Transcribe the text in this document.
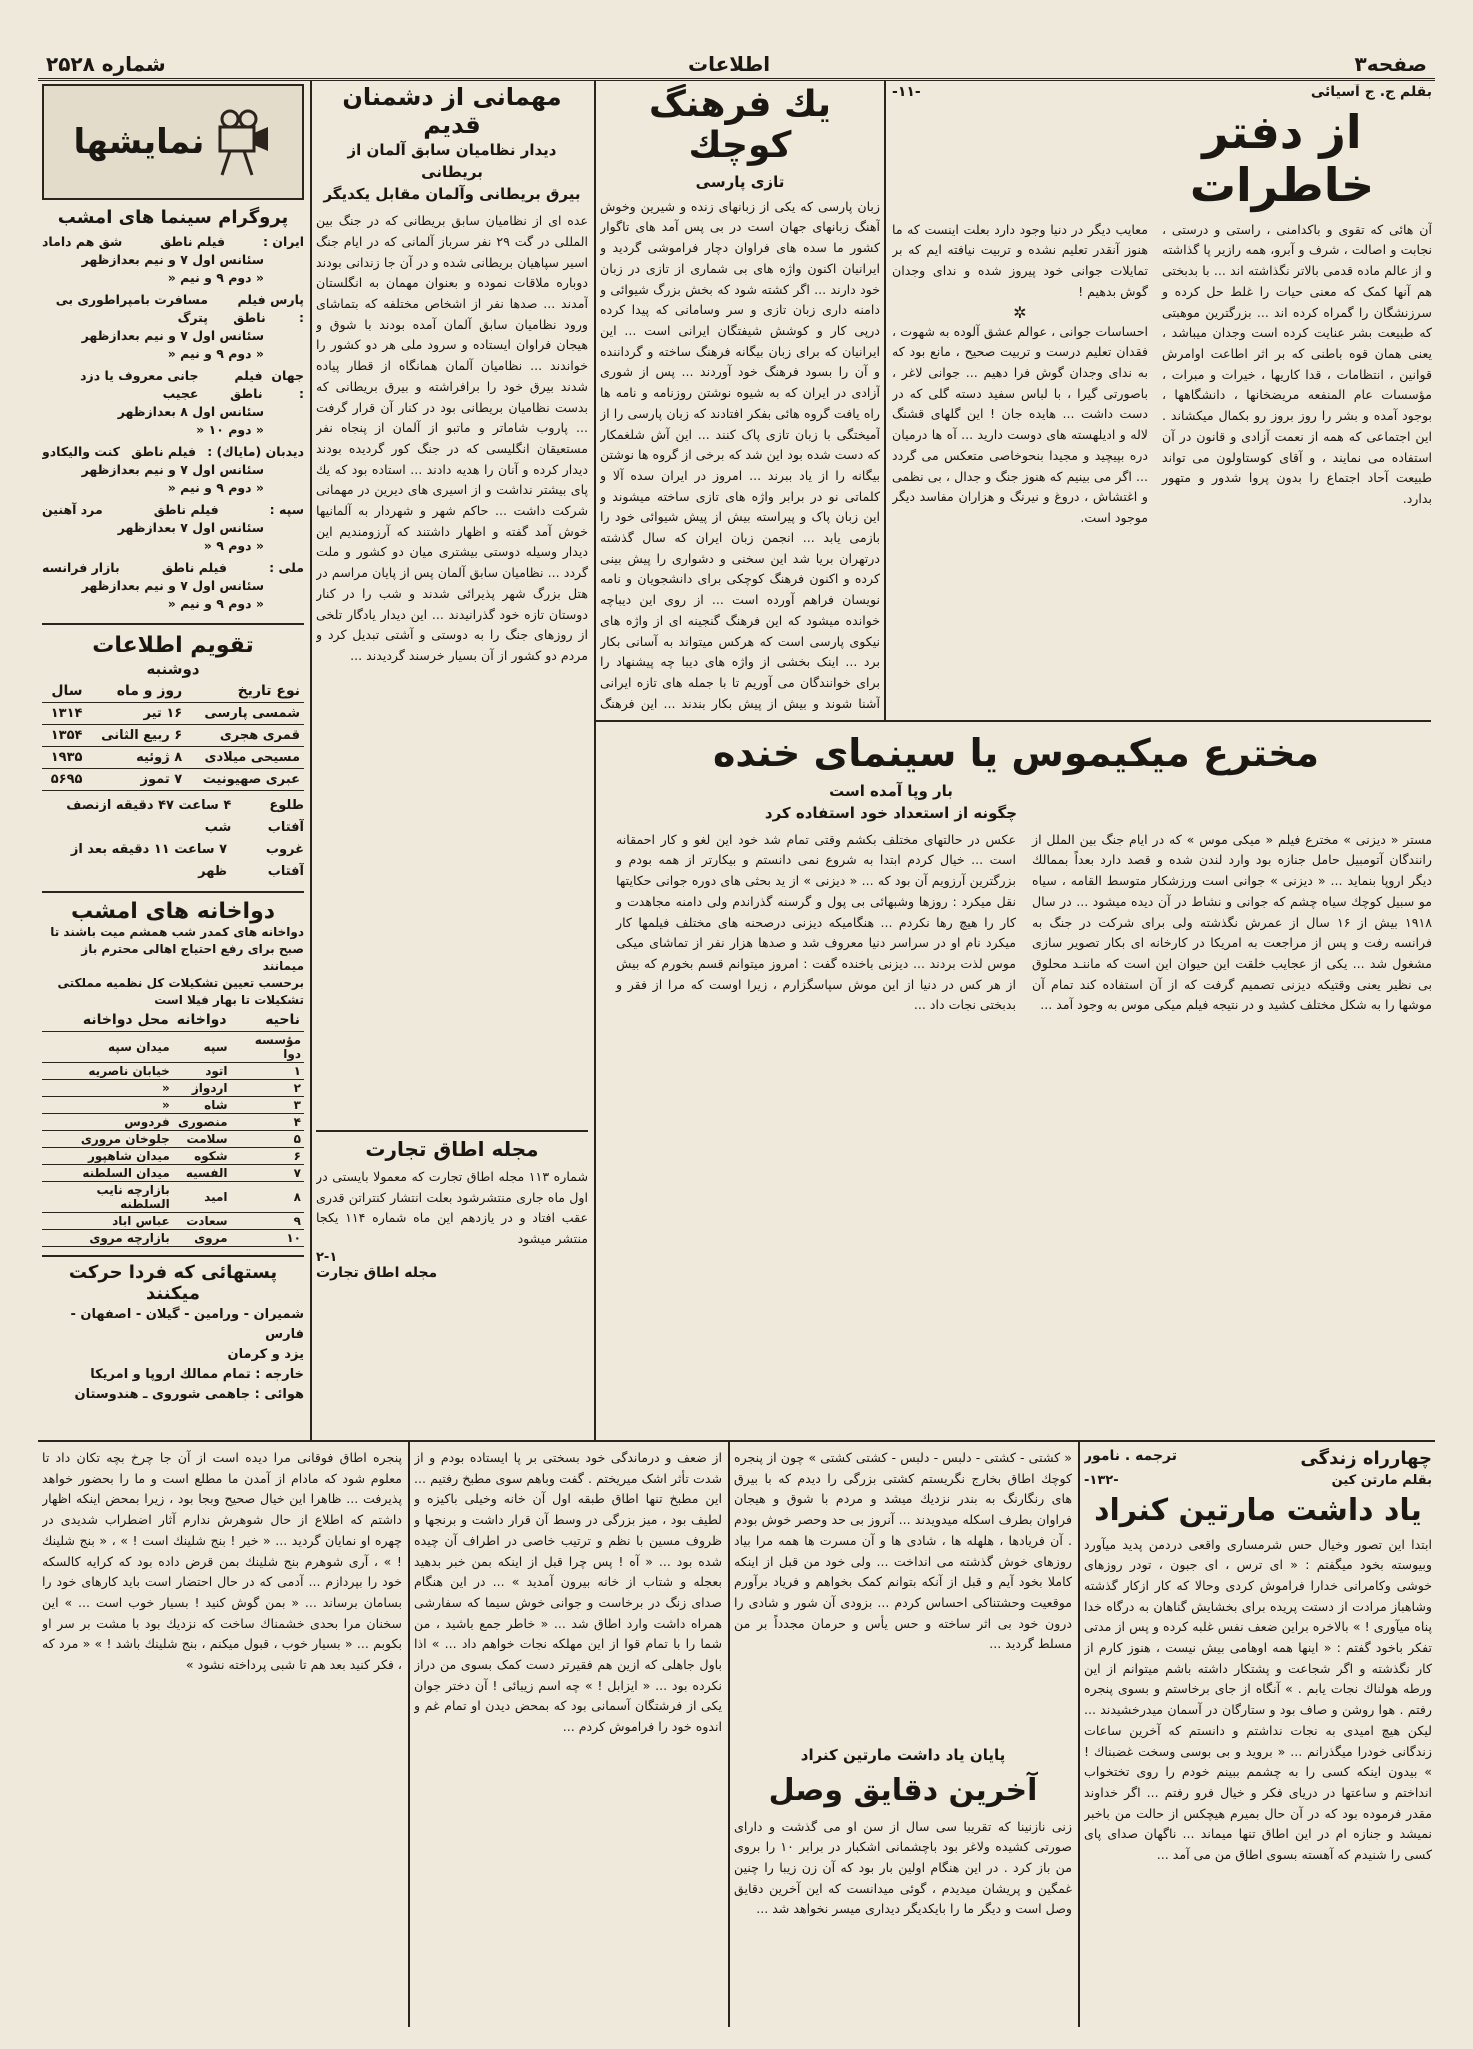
صفحه۳
اطلاعات
شماره ۲۵۲۸
بقلم ج. ج آسیائی
-۱۱-
از دفتر خاطرات
آن هائی که تقوی و باکدامنی ، راستی و درستی ، نجابت و اصالت ، شرف و آبرو، همه رازیر پا گذاشته و از عالم ماده قدمی بالاتر نگذاشته اند ... با بدبختی هم آنها کمک که معنی حیات را غلط حل کرده و سرزنشگان را گمراه کرده اند ... بزرگترین موهبتی که طبیعت بشر عنایت کرده است وجدان میباشد ، یعنی همان قوه باطنی که بر اثر اطاعت اوامرش قوانین ، انتظامات ، قدا کاریها ، خیرات و مبرات ، مؤسسات عام المنفعه مریضخانها ، دانشگاهها ، بوجود آمده و بشر را روز بروز رو بکمال میکشاند . این اجتماعی که همه از نعمت آزادی و قانون در آن استفاده می نمایند ، و آقای کوستاولون می تواند طبیعت آحاد اجتماع را بدون پروا شدور و متهور بدارد.
معایب دیگر در دنیا وجود دارد بعلت اینست که ما هنوز آنقدر تعلیم نشده و تربیت نیافته ایم که بر تمایلات جوانی خود پیروز شده و ندای وجدان گوش بدهیم !
✲
احساسات جوانی ، عوالم عشق آلوده به شهوت ، فقدان تعلیم درست و تربیت صحیح ، مانع بود که به ندای وجدان گوش فرا دهیم ... جوانی لاغر ، باصورتی گیرا ، با لباس سفید دسته گلی که در دست داشت ... هایده جان ! این گلهای قشنگ لاله و ادیلهسته های دوست دارید ... آه ها درمیان دره بپیچید و مجیدا بنحوخاصی متعکس می گردد ... اگر می بینیم که هنوز جنگ و جدال ، بی نظمی و اغتشاش ، دروغ و نیرنگ و هزاران مفاسد دیگر موجود است.
یك فرهنگ کوچك
تازی پارسی
زبان پارسی که یکی از زبانهای زنده و شیرین وخوش آهنگ زبانهای جهان است در بی پس آمد های تاگوار کشور ما سده های فراوان دچار فراموشی گردید و ایرانیان اکنون واژه های بی شماری از تازی در زبان خود دارند ... اگر کشته شود که بخش بزرگ شیوائی و دامنه داری زبان تازی و سر وسامانی که پیدا کرده درپی کار و کوشش شیفتگان ایرانی است ... این ایرانیان که برای زبان بیگانه فرهنگ ساخته و گرداننده و آن را بسود فرهنگ خود آوردند ... پس از شوری آزادی در ایران که به شیوه نوشتن روزنامه و نامه ها راه یافت گروه هائی بفکر افتادند که زبان پارسی را از آمیختگی با زبان تازی پاک کنند ... این آش شلغمکار که دست شده بود این شد که برخی از گروه ها نوشتن بیگانه را از یاد ببرند ... امروز در ایران سده آلا و کلماتی نو در برابر واژه های تازی ساخته میشوند و این زبان پاک و پیراسته بیش از پیش شیوائی خود را بازمی یابد ... انجمن زبان ایران که سال گذشته درتهران بریا شد این سخنی و دشواری را پیش بینی کرده و اکنون فرهنگ کوچکی برای دانشجویان و نامه نویسان فراهم آورده است ... از روی این دیباچه خوانده میشود که این فرهنگ گنجینه ای از واژه های نیکوی پارسی است که هرکس میتواند به آسانی بکار برد ... اینک بخشی از واژه های دیبا چه پیشنهاد را برای خوانندگان می آوریم تا با جمله های تازه ایرانی آشنا شوند و بیش از پیش بکار بندند ... این فرهنگ
مهمانی از دشمنان قدیم
دیدار نظامیان سابق آلمان از بریطانی
بیرق بریطانی وآلمان مقابل یکدیگر
عده ای از نظامیان سابق بریطانی که در جنگ بین المللی در گت ۲۹ نفر سرباز آلمانی که در ایام جنگ اسیر سپاهیان بریطانی شده و در آن جا زندانی بودند دوباره ملاقات نموده و بعنوان مهمان به انگلستان آمدند ... صدها نفر از اشخاص مختلفه که بتماشای ورود نظامیان سابق آلمان آمده بودند با شوق و هیجان فراوان ایستاده و سرود ملی هر دو کشور را خواندند ... نظامیان آلمان همانگاه از قطار پیاده شدند بیرق خود را برافراشته و بیرق بریطانی که بدست نظامیان بریطانی بود در کنار آن قرار گرفت ... پاروب شاماتر و ماتبو از آلمان از پنجاه نفر مستعیقان انگلیسی که در جنگ کور گردیده بودند دیدار کرده و آنان را هدیه دادند ... استاده بود که یك پای بیشتر نداشت و از اسیری های دیرین در مهمانی شرکت داشت ... حاکم شهر و شهردار به آلمانیها خوش آمد گفته و اظهار داشتند که آرزومندیم این دیدار وسیله دوستی بیشتری میان دو کشور و ملت گردد ... نظامیان سابق آلمان پس از پایان مراسم در هتل بزرگ شهر پذیرائی شدند و شب را در کنار دوستان تازه خود گذرانیدند ... این دیدار یادگار تلخی از روزهای جنگ را به دوستی و آشتی تبدیل کرد و مردم دو کشور از آن بسیار خرسند گردیدند ...
مجله اطاق تجارت
شماره ۱۱۳ مجله اطاق تجارت که معمولا بایستی در اول ماه جاری منتشرشود بعلت انتشار کنتراتن قدری عقب افتاد و در یازدهم این ماه شماره ۱۱۴ یکجا منتشر میشود
۲-۱
مجله اطاق تجارت
نمایشها
پروگرام سینما های امشب
ایران :
فیلم ناطق
شق هم داماد
سئانس اول ۷ و نیم بعدازظهر
« دوم ۹ و نیم «
پارس :
فیلم ناطق
مسافرت بامپراطوری بی پترگ
سئانس اول ۷ و نیم بعدازظهر
« دوم ۹ و نیم «
جهان :
فیلم ناطق
جانی معروف یا دزد عجیب
سئانس اول ۸ بعدازظهر
« دوم ۱۰ «
دیدبان (مایاك) :
فیلم ناطق
کنت والیکادو
سئانس اول ۷ و نیم بعدازظهر
« دوم ۹ و نیم «
سپه :
فیلم ناطق
مرد آهنین
سئانس اول ۷ بعدازظهر
« دوم ۹ «
ملی :
فیلم ناطق
بازار فرانسه
سئانس اول ۷ و نیم بعدازظهر
« دوم ۹ و نیم «
تقویم اطلاعات
دوشنبه
نوع تاریخ	روز و ماه	سال
شمسی پارسی	۱۶ تیر	۱۳۱۴
قمری هجری	۶ ربیع الثانی	۱۳۵۴
مسیحی میلادی	۸ ژوئیه	۱۹۳۵
عبری صهیونیت	۷ تموز	۵۶۹۵
طلوع آفتاب
۴ ساعت ۴۷ دقیقه ازنصف شب
غروب آفتاب
۷ ساعت ۱۱ دقیقه بعد از ظهر
دواخانه های امشب
دواخانه های کمدر شب همشم میت باشند تا صبح برای رفع احتیاج اهالی محترم باز میمانند
برحسب تعیین تشکیلات کل نظمیه مملکتی تشکیلات تا بهار فیلا است
ناحیه	دواخانه	محل دواخانه
مؤسسه دوا	سپه	میدان سپه
۱	اتود	خیابان ناصریه
۲	اردواز	«
۳	شاه	«
۴	منصوری	فردوس
۵	سلامت	جلوخان مروری
۶	شکوه	میدان شاهپور
۷	الفسیه	میدان السلطنه
۸	امید	بازارچه نایب السلطنه
۹	سعادت	عباس اباد
۱۰	مروی	بازارچه مروی
پستهائی که فردا حرکت میکنند
شمیران - ورامین - گیلان - اصفهان - فارس
یزد و کرمان
خارجه : تمام ممالك اروپا و امریکا
هوائی : جاهمی شوروی ـ هندوستان
مخترع میکیموس یا سینمای خنده
بار وپا آمده است
چگونه از استعداد خود استفاده کرد
مستر « دیزنی » مخترع فیلم « میکی موس » که در ایام جنگ بین الملل از رانندگان آتومبیل حامل جنازه بود وارد لندن شده و قصد دارد بعداً بممالك دیگر اروپا بنماید ... « دیزنی » جوانی است ورزشکار متوسط القامه ، سیاه مو سبیل کوچك سیاه چشم که جوانی و نشاط در آن دیده میشود ... در سال ۱۹۱۸ بیش از ۱۶ سال از عمرش نگذشته ولی برای شرکت در جنگ به فرانسه رفت و پس از مراجعت به امریکا در کارخانه ای بکار تصویر سازی مشغول شد ... یکی از عجایب خلقت این حیوان این است که ماننـد محلوق بی نظیر یعنی وقتیکه دیزنی تصمیم گرفت که از آن استفاده کند تمام آن موشها را به شکل مختلف کشید و در نتیجه فیلم میکی موس به وجود آمد ...
عکس در حالتهای مختلف بکشم وقتی تمام شد خود این لغو و کار احمقانه است ... خیال کردم ابتدا به شروع نمی دانستم و بیکارتر از همه بودم و بزرگترین آرزویم آن بود که ... « دیزنی » از ید بحثی های دوره جوانی حکایتها نقل میکرد : روزها وشبهائی بی پول و گرسنه گذراندم ولی دامنه مجاهدت و کار را هیچ رها نکردم ... هنگامیکه دیزنی درصحنه های مختلف فیلمها کار میکرد نام او در سراسر دنیا معروف شد و صدها هزار نفر از تماشای میکی موس لذت بردند ... دیزنی باخنده گفت : امروز میتوانم قسم بخورم که بیش از هر کس در دنیا از این موش سپاسگزارم ، زیرا اوست که مرا از فقر و بدبختی نجات داد ...
چهارراه زندگی
ترجمه . نامور
بقلم مارتن کین
-۱۳۲-
یاد داشت مارتین کنراد
ابتدا این تصور وخیال حس شرمساری واقعی دردمن پدید میآورد وبیوسته بخود میگفتم : « ای ترس ، ای جبون ، تودر روزهای خوشی وکامرانی خدارا فراموش کردی وحالا که کار ازکار گذشته وشاهباز مرادت از دستت پریده برای بخشایش گناهان به درگاه خدا پناه میآوری ! » بالاخره براین ضعف نفس غلبه کرده و پس از مدتی تفکر باخود گفتم : « اینها همه اوهامی بیش نیست ، هنوز کارم از کار نگذشته و اگر شجاعت و پشتکار داشته باشم میتوانم از این ورطه هولناك نجات یابم . » آنگاه از جای برخاستم و بسوی پنجره رفتم . هوا روشن و صاف بود و ستارگان در آسمان میدرخشیدند ... لیکن هیچ امیدی به نجات نداشتم و دانستم که آخرین ساعات زندگانی خودرا میگذرانم ... « بروید و بی بوسی وسخت غضبناك ! » بیدون اینکه کسی را به چشمم ببینم خودم را روی تختخواب انداختم و ساعتها در دریای فکر و خیال فرو رفتم ... اگر خداوند مقدر فرموده بود که در آن حال بمیرم هیچکس از حالت من باخبر نمیشد و جنازه ام در این اطاق تنها میماند ... ناگهان صدای پای کسی را شنیدم که آهسته بسوی اطاق من می آمد ...
« کشتی - کشتی - دلبس - دلبس - کشتی کشتی » چون از پنجره کوچك اطاق بخارج نگریستم کشتی بزرگی را دیدم که با بیرق های رنگارنگ به بندر نزدیك میشد و مردم با شوق و هیجان فراوان بطرف اسکله میدویدند ... آنروز بی حد وحصر خوش بودم . آن فریادها ، هلهله ها ، شادی ها و آن مسرت ها همه مرا بیاد روزهای خوش گذشته می انداخت ... ولی خود من قبل از اینکه کاملا بخود آیم و قبل از آنکه بتوانم کمک بخواهم و فریاد برآورم موقعیت وحشتناکی احساس کردم ... بزودی آن شور و شادی را درون خود بی اثر ساخته و حس یأس و حرمان مجدداً بر من مسلط گردید ...
پایان یاد داشت مارتین کنراد
آخرین دقایق وصل
زنی نازنینا که تقریبا سی سال از سن او می گذشت و دارای صورتی کشیده ولاغر بود باچشمانی اشکبار در برابر ۱۰ را بروی من باز کرد . در این هنگام اولین بار بود که آن زن زیبا را چنین غمگین و پریشان میدیدم ، گوئی میدانست که این آخرین دقایق وصل است و دیگر ما را بایکدیگر دیداری میسر نخواهد شد ...
از ضعف و درماندگی خود بسختی بر پا ایستاده بودم و از شدت تأثر اشک میریختم . گفت وباهم سوی مطبخ رفتیم ... این مطبخ تنها اطاق طبقه اول آن خانه وخیلی باکیزه و لطیف بود ، میز بزرگی در وسط آن قرار داشت و برنجها و ظروف مسین با نظم و ترتیب خاصی در اطراف آن چیده شده بود ... « آه ! پس چرا قبل از اینکه بمن خبر بدهید بعجله و شتاب از خانه بیرون آمدید » ... در این هنگام صدای زنگ در برخاست و جوانی خوش سیما که سفارشی همراه داشت وارد اطاق شد ... « خاطر جمع باشید ، من شما را با تمام قوا از این مهلکه نجات خواهم داد ... » اذا باول جاهلی که ازین هم فقیرتر دست کمک بسوی من دراز نکرده بود ... « ایزابل ! » چه اسم زیبائی ! آن دختر جوان یکی از فرشتگان آسمانی بود که بمحض دیدن او تمام غم و اندوه خود را فراموش کردم ...
پنجره اطاق فوقانی مرا دیده است از آن جا چرخ بچه تکان داد تا معلوم شود که مادام از آمدن ما مطلع است و ما را بحضور خواهد پذیرفت ... ظاهرا این خیال صحیح وبجا بود ، زیرا بمحض اینکه اظهار داشتم که اطلاع از حال شوهرش ندارم آثار اضطراب شدیدی در چهره او نمایان گردید ... « خیر ! بنج شلینك است ! » ، « بنج شلینك ! » ، آری شوهرم بنج شلینك بمن قرض داده بود که کرایه کالسکه خود را بپردازم ... آدمی که در حال احتضار است باید کارهای خود را بسامان برساند ... « بمن گوش کنید ! بسیار خوب است ... » این سخنان مرا بحدی خشمناك ساخت که نزدیك بود با مشت بر سر او بکوبم ... « بسیار خوب ، قبول میکنم ، بنج شلینك باشد ! » « مرد که ، فکر کنید بعد هم تا شبی پرداخته نشود »
